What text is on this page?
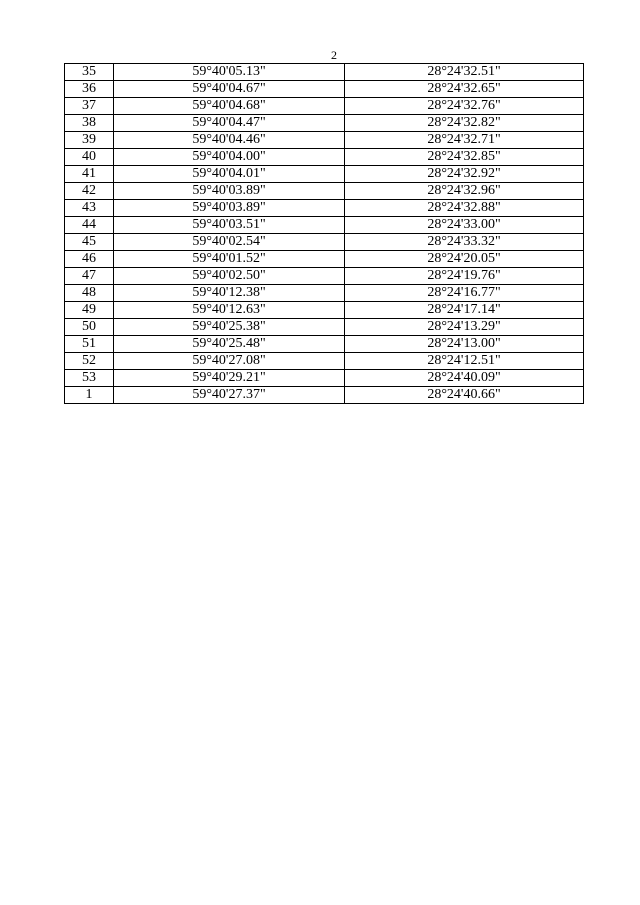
2
35	59°40'05.13"	28°24'32.51"
36	59°40'04.67"	28°24'32.65"
37	59°40'04.68"	28°24'32.76"
38	59°40'04.47"	28°24'32.82"
39	59°40'04.46"	28°24'32.71"
40	59°40'04.00"	28°24'32.85"
41	59°40'04.01"	28°24'32.92"
42	59°40'03.89"	28°24'32.96"
43	59°40'03.89"	28°24'32.88"
44	59°40'03.51"	28°24'33.00"
45	59°40'02.54"	28°24'33.32"
46	59°40'01.52"	28°24'20.05"
47	59°40'02.50"	28°24'19.76"
48	59°40'12.38"	28°24'16.77"
49	59°40'12.63"	28°24'17.14"
50	59°40'25.38"	28°24'13.29"
51	59°40'25.48"	28°24'13.00"
52	59°40'27.08"	28°24'12.51"
53	59°40'29.21"	28°24'40.09"
1	59°40'27.37"	28°24'40.66"
